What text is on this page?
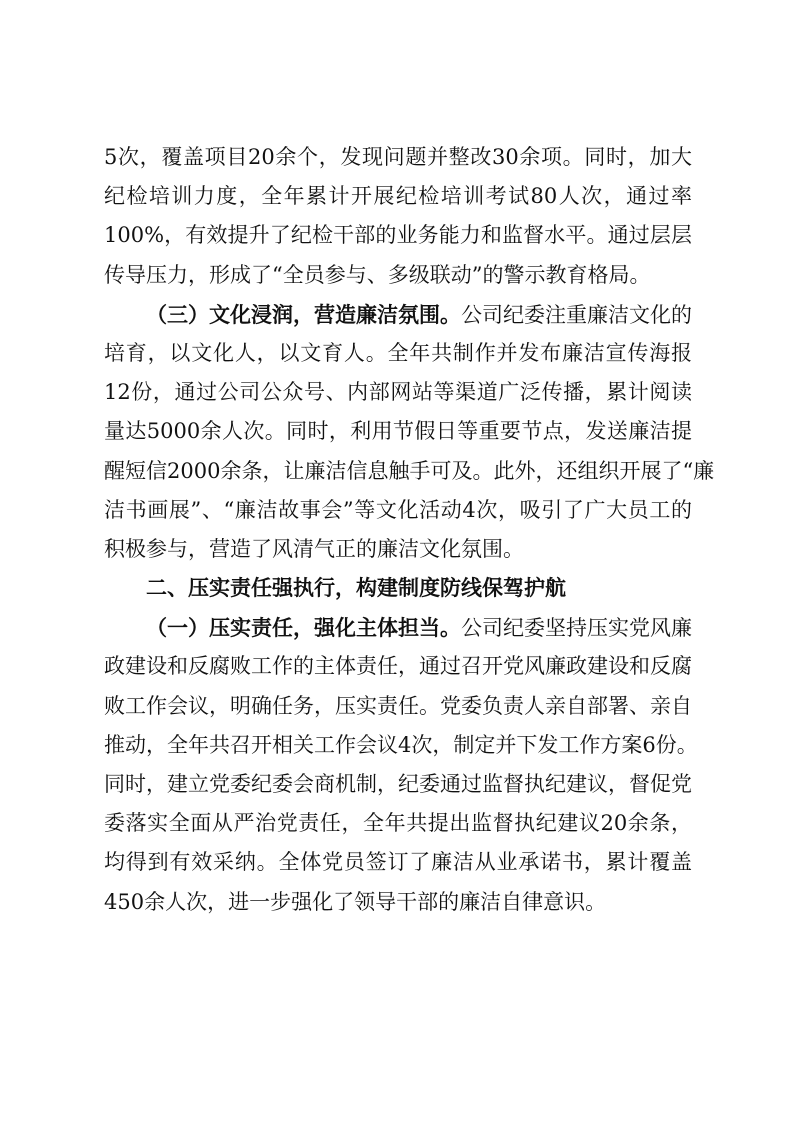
5次，覆盖项目20余个，发现问题并整改30余项。同时，加大
纪检培训力度，全年累计开展纪检培训考试80人次，通过率
100%，有效提升了纪检干部的业务能力和监督水平。通过层层
传导压力，形成了“全员参与、多级联动”的警示教育格局。
（三）文化浸润，营造廉洁氛围。公司纪委注重廉洁文化的
培育，以文化人，以文育人。全年共制作并发布廉洁宣传海报
12份，通过公司公众号、内部网站等渠道广泛传播，累计阅读
量达5000余人次。同时，利用节假日等重要节点，发送廉洁提
醒短信2000余条，让廉洁信息触手可及。此外，还组织开展了“廉
洁书画展”、“廉洁故事会”等文化活动4次，吸引了广大员工的
积极参与，营造了风清气正的廉洁文化氛围。
二、压实责任强执行，构建制度防线保驾护航
（一）压实责任，强化主体担当。公司纪委坚持压实党风廉
政建设和反腐败工作的主体责任，通过召开党风廉政建设和反腐
败工作会议，明确任务，压实责任。党委负责人亲自部署、亲自
推动，全年共召开相关工作会议4次，制定并下发工作方案6份。
同时，建立党委纪委会商机制，纪委通过监督执纪建议，督促党
委落实全面从严治党责任，全年共提出监督执纪建议20余条，
均得到有效采纳。全体党员签订了廉洁从业承诺书，累计覆盖
450余人次，进一步强化了领导干部的廉洁自律意识。
